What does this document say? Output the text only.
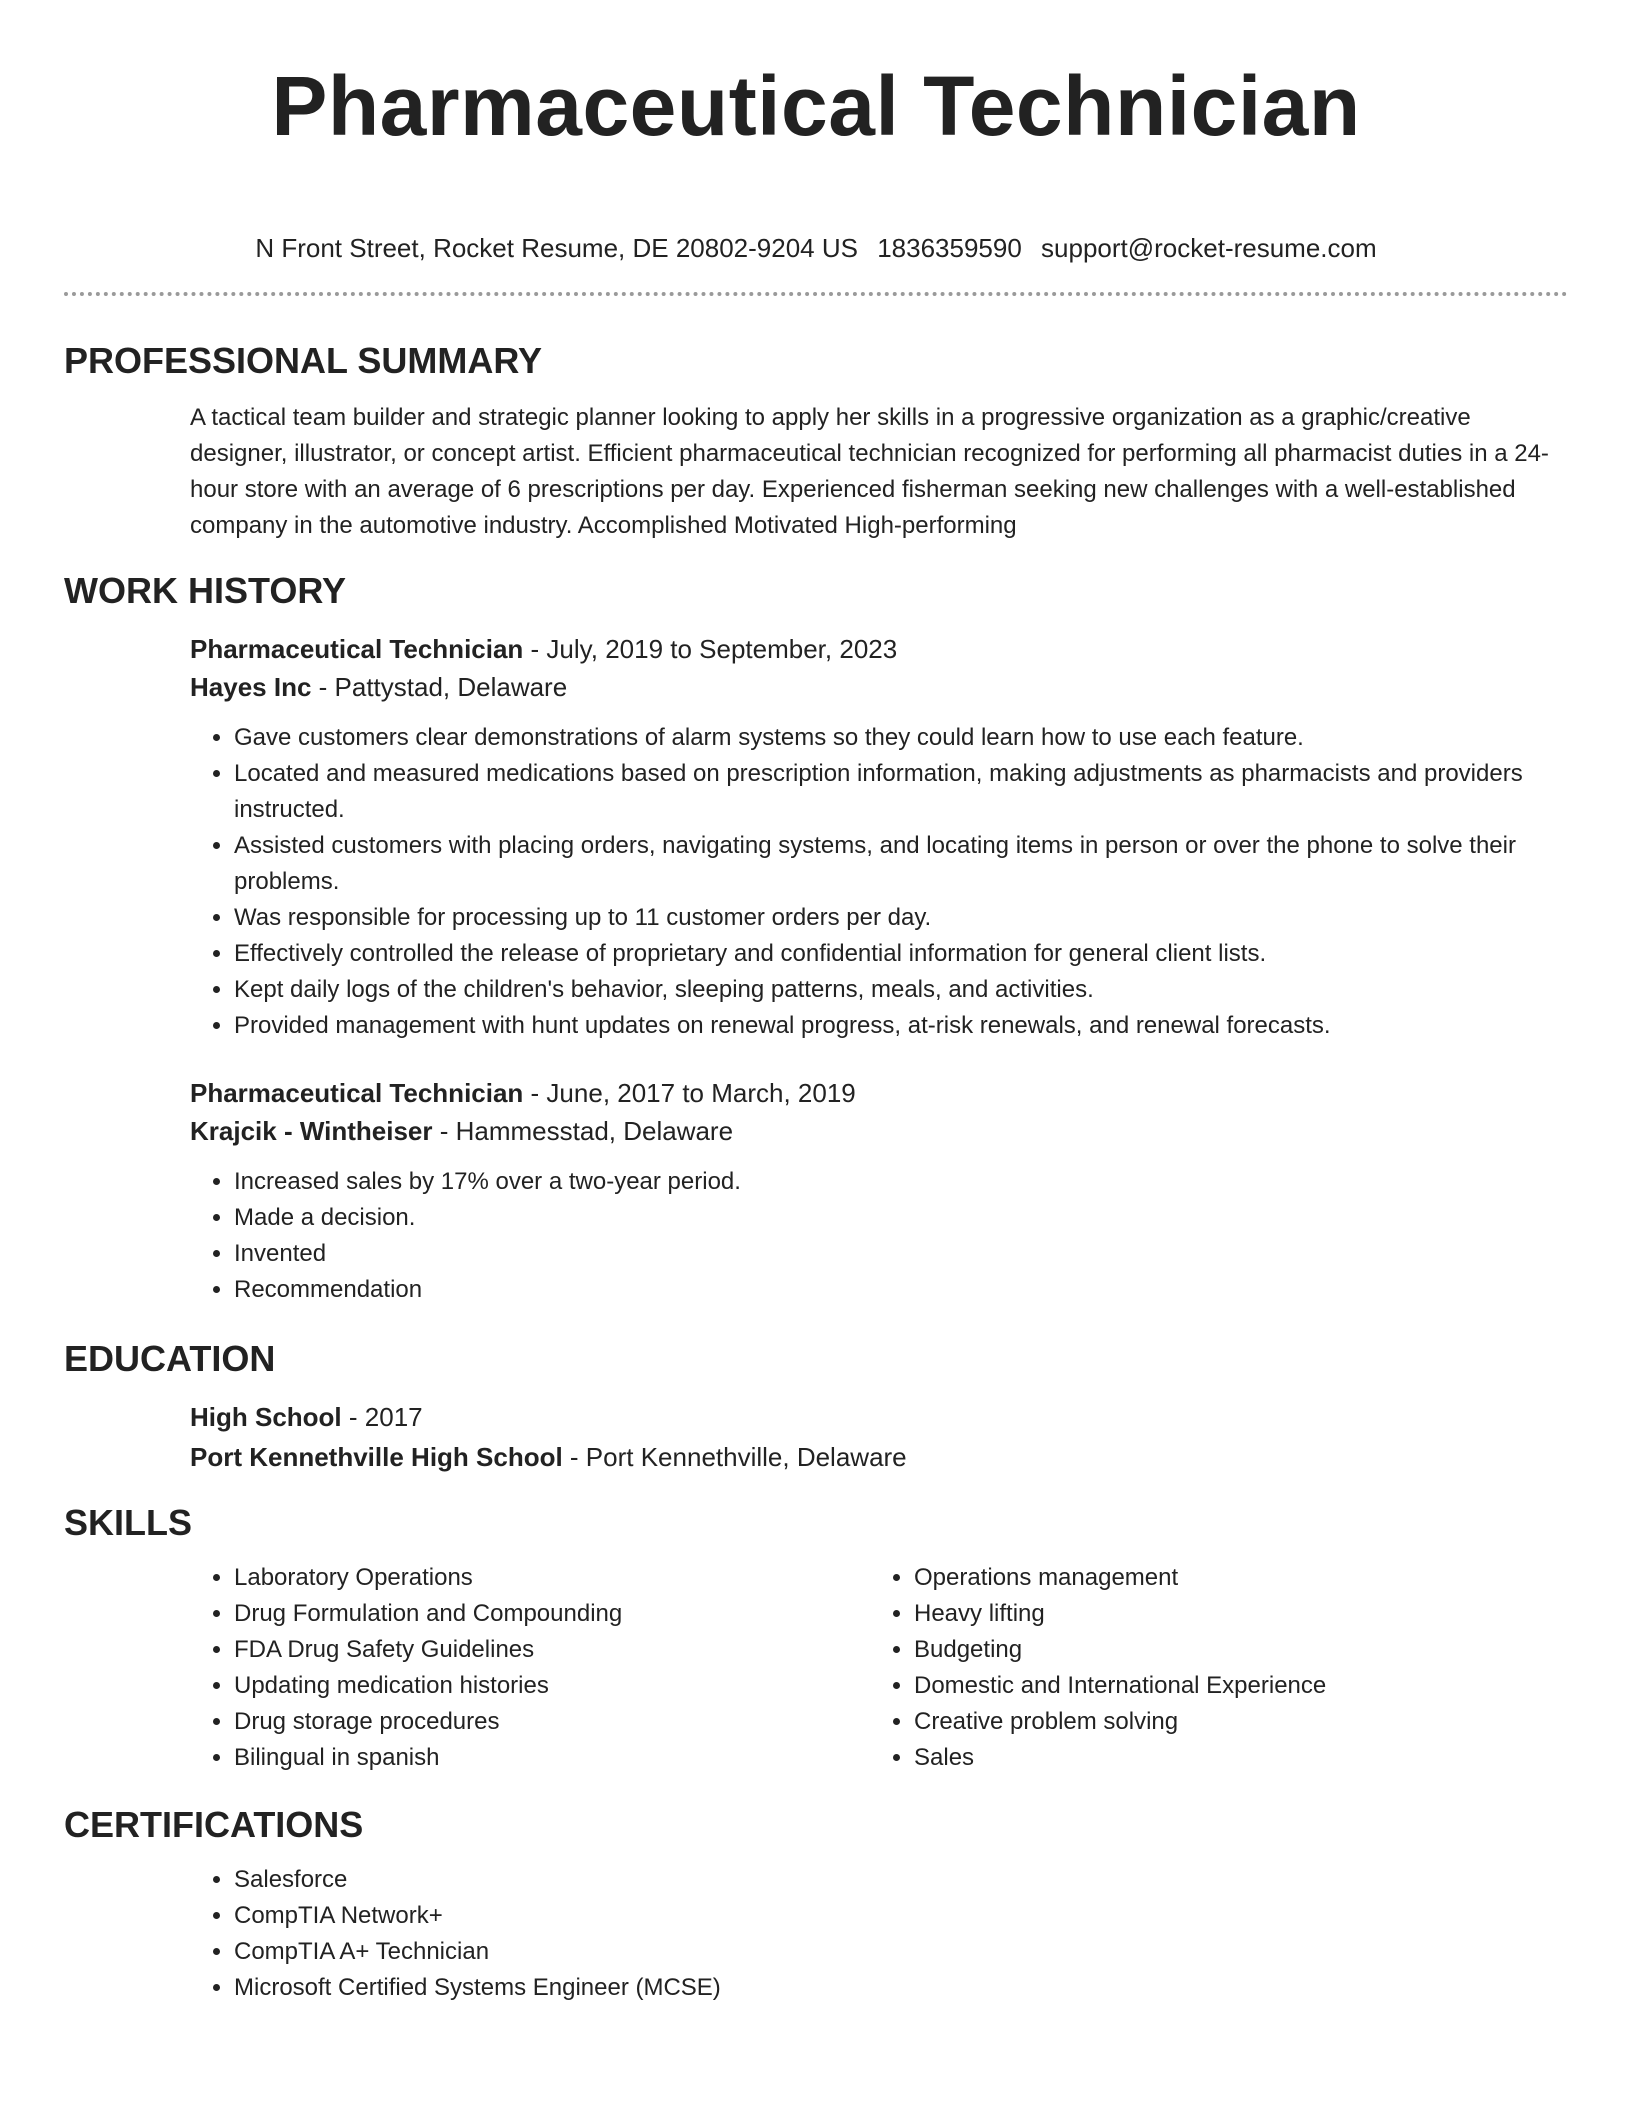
Pharmaceutical Technician
N Front Street, Rocket Resume, DE 20802-9204 US 1836359590 support@rocket-resume.com
PROFESSIONAL SUMMARY

A tactical team builder and strategic planner looking to apply her skills in a progressive organization as a graphic/creative designer, illustrator, or concept artist. Efficient pharmaceutical technician recognized for performing all pharmacist duties in a 24-hour store with an average of 6 prescriptions per day. Experienced fisherman seeking new challenges with a well-established company in the automotive industry. Accomplished Motivated High-performing

WORK HISTORY
Pharmaceutical Technician - July, 2019 to September, 2023
Hayes Inc - Pattystad, Delaware
• Gave customers clear demonstrations of alarm systems so they could learn how to use each feature.
• Located and measured medications based on prescription information, making adjustments as pharmacists and providers instructed.
• Assisted customers with placing orders, navigating systems, and locating items in person or over the phone to solve their problems.
• Was responsible for processing up to 11 customer orders per day.
• Effectively controlled the release of proprietary and confidential information for general client lists.
• Kept daily logs of the children's behavior, sleeping patterns, meals, and activities.
• Provided management with hunt updates on renewal progress, at-risk renewals, and renewal forecasts.
Pharmaceutical Technician - June, 2017 to March, 2019
Krajcik - Wintheiser - Hammesstad, Delaware
• Increased sales by 17% over a two-year period.
• Made a decision.
• Invented
• Recommendation
EDUCATION
High School - 2017
Port Kennethville High School - Port Kennethville, Delaware
SKILLS
• Laboratory Operations
• Drug Formulation and Compounding
• FDA Drug Safety Guidelines
• Updating medication histories
• Drug storage procedures
• Bilingual in spanish
• Operations management
• Heavy lifting
• Budgeting
• Domestic and International Experience
• Creative problem solving
• Sales
CERTIFICATIONS
• Salesforce
• CompTIA Network+
• CompTIA A+ Technician
• Microsoft Certified Systems Engineer (MCSE)
